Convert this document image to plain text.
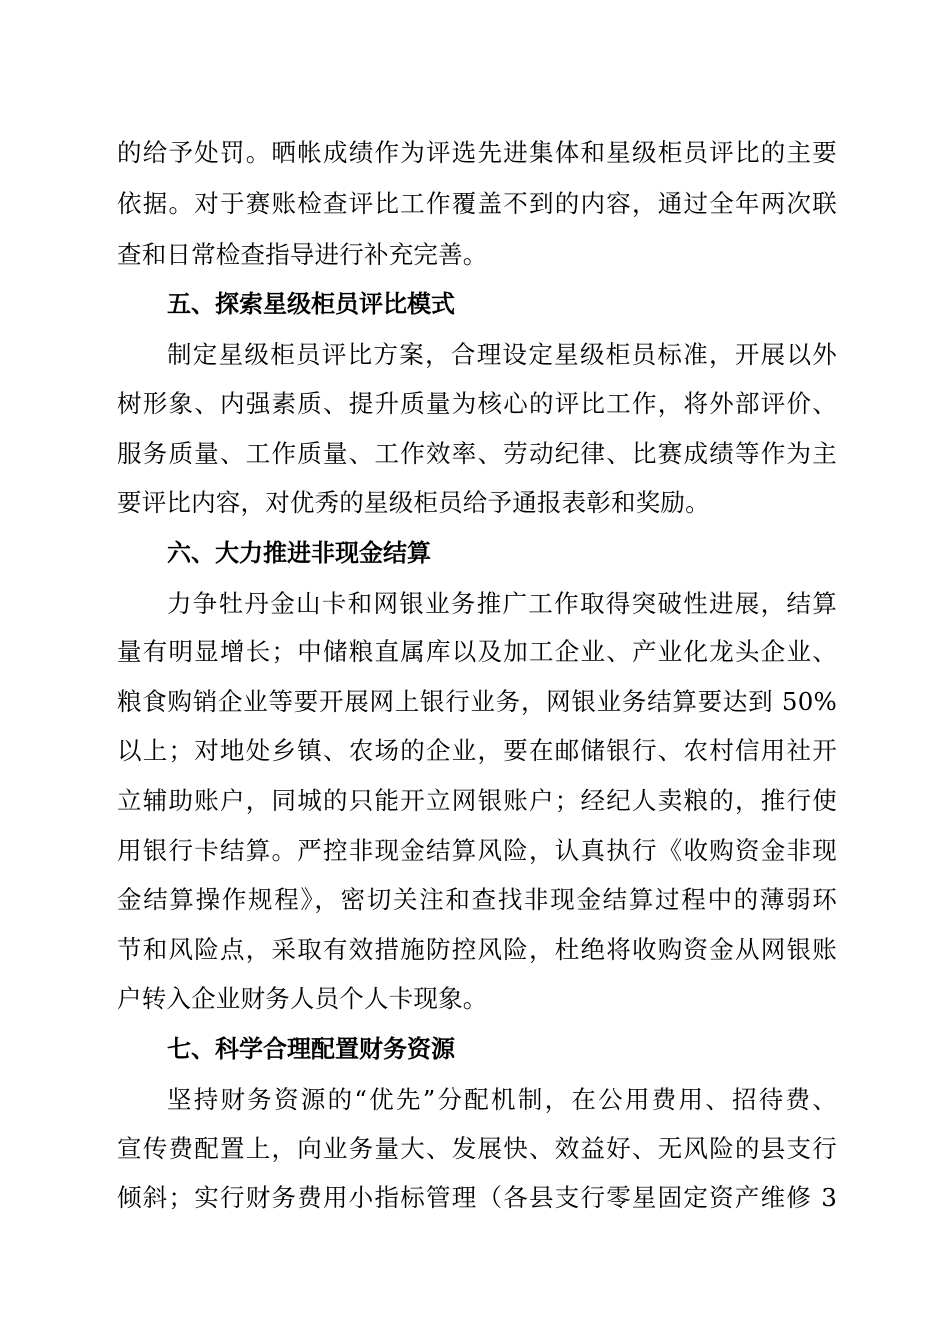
的给予处罚。晒帐成绩作为评选先进集体和星级柜员评比的主要
依据。对于赛账检查评比工作覆盖不到的内容，通过全年两次联
查和日常检查指导进行补充完善。
五、探索星级柜员评比模式
制定星级柜员评比方案，合理设定星级柜员标准，开展以外
树形象、内强素质、提升质量为核心的评比工作，将外部评价、
服务质量、工作质量、工作效率、劳动纪律、比赛成绩等作为主
要评比内容，对优秀的星级柜员给予通报表彰和奖励。
六、大力推进非现金结算
力争牡丹金山卡和网银业务推广工作取得突破性进展，结算
量有明显增长；中储粮直属库以及加工企业、产业化龙头企业、
粮食购销企业等要开展网上银行业务，网银业务结算要达到 50%
以上；对地处乡镇、农场的企业，要在邮储银行、农村信用社开
立辅助账户，同城的只能开立网银账户；经纪人卖粮的，推行使
用银行卡结算。严控非现金结算风险，认真执行《收购资金非现
金结算操作规程》，密切关注和查找非现金结算过程中的薄弱环
节和风险点，采取有效措施防控风险，杜绝将收购资金从网银账
户转入企业财务人员个人卡现象。
七、科学合理配置财务资源
坚持财务资源的“优先”分配机制，在公用费用、招待费、
宣传费配置上，向业务量大、发展快、效益好、无风险的县支行
倾斜；实行财务费用小指标管理（各县支行零星固定资产维修 3
